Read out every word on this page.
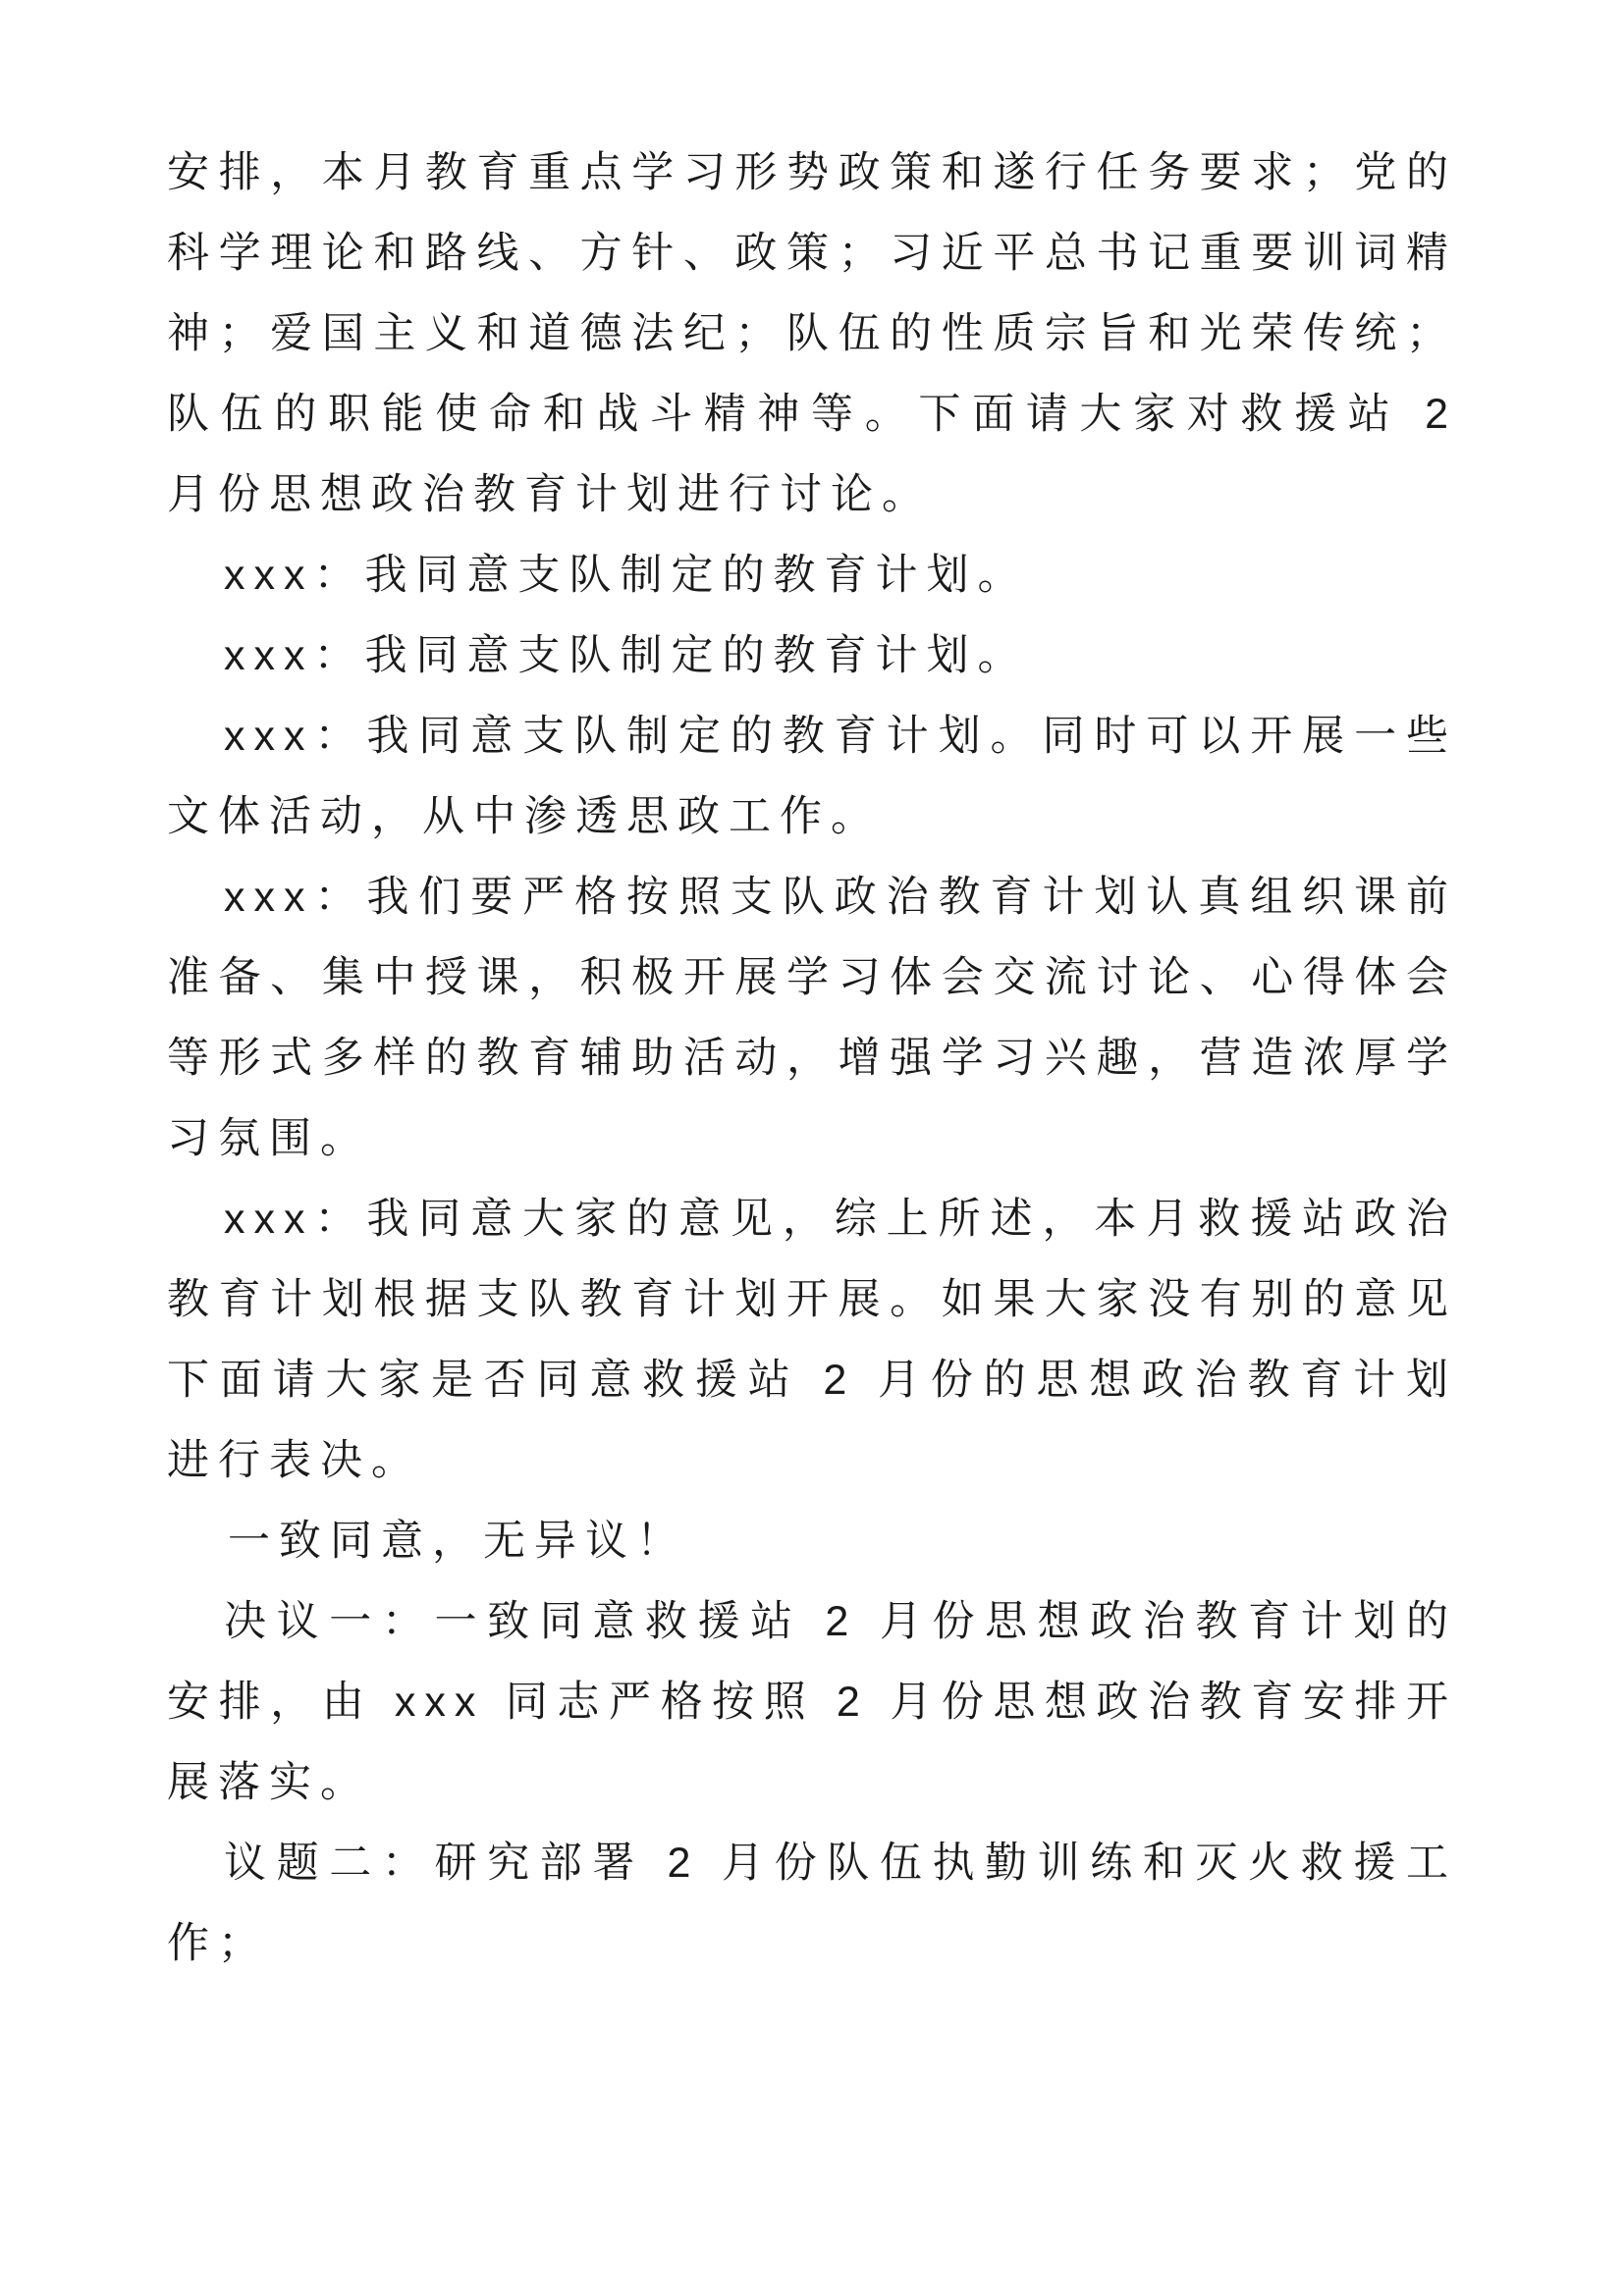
安排，本月教育重点学习形势政策和遂行任务要求；党的科学理论和路线、方针、政策；习近平总书记重要训词精神；爱国主义和道德法纪；队伍的性质宗旨和光荣传统；队伍的职能使命和战斗精神等。下面请大家对救援站 2 月份思想政治教育计划进行讨论。

xxx：我同意支队制定的教育计划。

xxx：我同意支队制定的教育计划。

xxx：我同意支队制定的教育计划。同时可以开展一些文体活动，从中渗透思政工作。

xxx：我们要严格按照支队政治教育计划认真组织课前准备、集中授课，积极开展学习体会交流讨论、心得体会等形式多样的教育辅助活动，增强学习兴趣，营造浓厚学习氛围。

xxx：我同意大家的意见，综上所述，本月救援站政治教育计划根据支队教育计划开展。如果大家没有别的意见下面请大家是否同意救援站 2 月份的思想政治教育计划进行表决。

一致同意，无异议！

决议一：一致同意救援站 2 月份思想政治教育计划的安排，由 xxx 同志严格按照 2 月份思想政治教育安排开展落实。

议题二：研究部署 2 月份队伍执勤训练和灭火救援工作；
